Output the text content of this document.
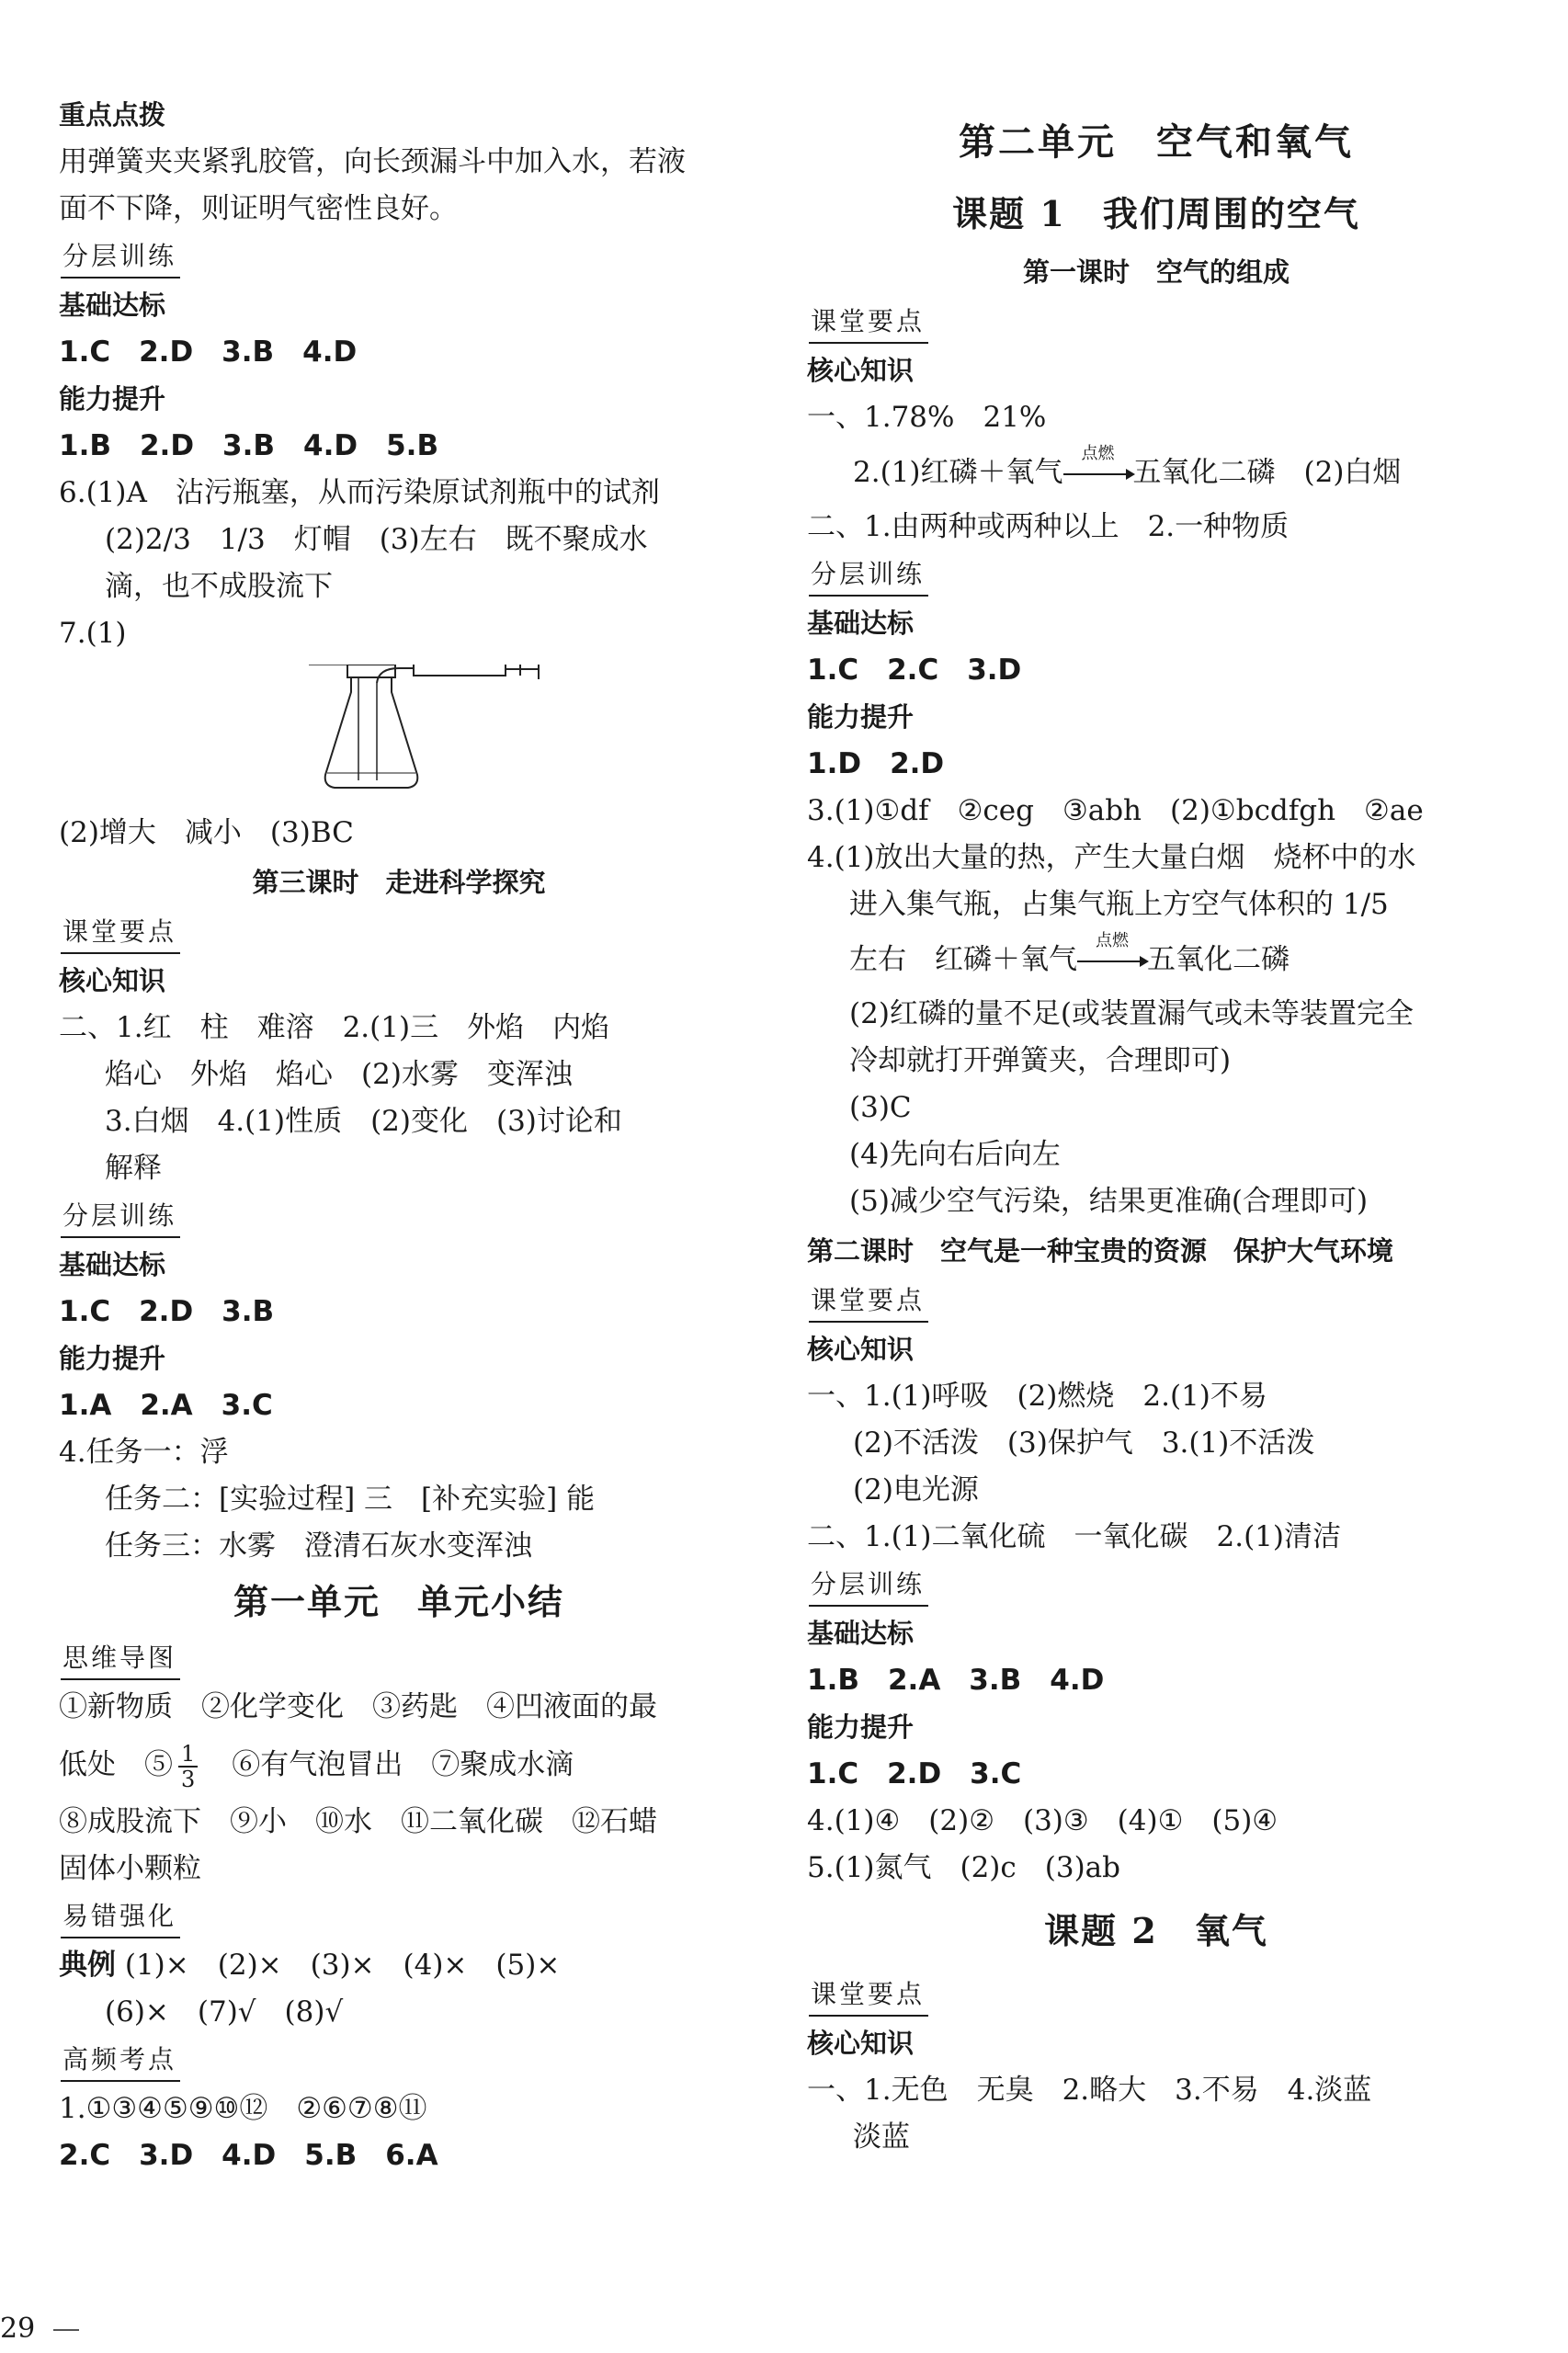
重点点拨
用弹簧夹夹紧乳胶管，向长颈漏斗中加入水，若液
面不下降，则证明气密性良好。
分层训练
基础达标
1.C　2.D　3.B　4.D
能力提升
1.B　2.D　3.B　4.D　5.B
6.(1)A　沾污瓶塞，从而污染原试剂瓶中的试剂
(2)2/3　1/3　灯帽　(3)左右　既不聚成水
滴，也不成股流下
7.(1)
(2)增大　减小　(3)BC
第三课时　走进科学探究
课堂要点
核心知识
二、1.红　柱　难溶　2.(1)三　外焰　内焰
焰心　外焰　焰心　(2)水雾　变浑浊
3.白烟　4.(1)性质　(2)变化　(3)讨论和
解释
分层训练
基础达标
1.C　2.D　3.B
能力提升
1.A　2.A　3.C
4.任务一：浮
任务二：[实验过程] 三　[补充实验] 能
任务三：水雾　澄清石灰水变浑浊
第一单元　单元小结
思维导图
①新物质　②化学变化　③药匙　④凹液面的最
低处　⑤ $\frac{1}{3}$ 　⑥有气泡冒出　⑦聚成水滴
⑧成股流下　⑨小　⑩水　⑪二氧化碳　⑫石蜡
固体小颗粒
易错强化
典例 (1)×　(2)×　(3)×　(4)×　(5)×
(6)×　(7)√　(8)√
高频考点
1.①③④⑤⑨⑩⑫　②⑥⑦⑧⑪
2.C　3.D　4.D　5.B　6.A
第二单元　空气和氧气
课题 1　我们周围的空气
第一课时　空气的组成
课堂要点
核心知识
一、1.78%　21%
2.(1)红磷＋氧气
点燃
五氧化二磷　(2)白烟
二、1.由两种或两种以上　2.一种物质
分层训练
基础达标
1.C　2.C　3.D
能力提升
1.D　2.D
3.(1)①df　②ceg　③abh　(2)①bcdfgh　②ae
4.(1)放出大量的热，产生大量白烟　烧杯中的水
进入集气瓶，占集气瓶上方空气体积的 1/5
左右　红磷＋氧气
点燃
五氧化二磷
(2)红磷的量不足(或装置漏气或未等装置完全
冷却就打开弹簧夹，合理即可)
(3)C
(4)先向右后向左
(5)减少空气污染，结果更准确(合理即可)
第二课时　空气是一种宝贵的资源　保护大气环境
课堂要点
核心知识
一、1.(1)呼吸　(2)燃烧　2.(1)不易
(2)不活泼　(3)保护气　3.(1)不活泼
(2)电光源
二、1.(1)二氧化硫　一氧化碳　2.(1)清洁
分层训练
基础达标
1.B　2.A　3.B　4.D
能力提升
1.C　2.D　3.C
4.(1)④　(2)②　(3)③　(4)①　(5)④
5.(1)氮气　(2)c　(3)ab
课题 2　氧气
课堂要点
核心知识
一、1.无色　无臭　2.略大　3.不易　4.淡蓝
淡蓝
29
